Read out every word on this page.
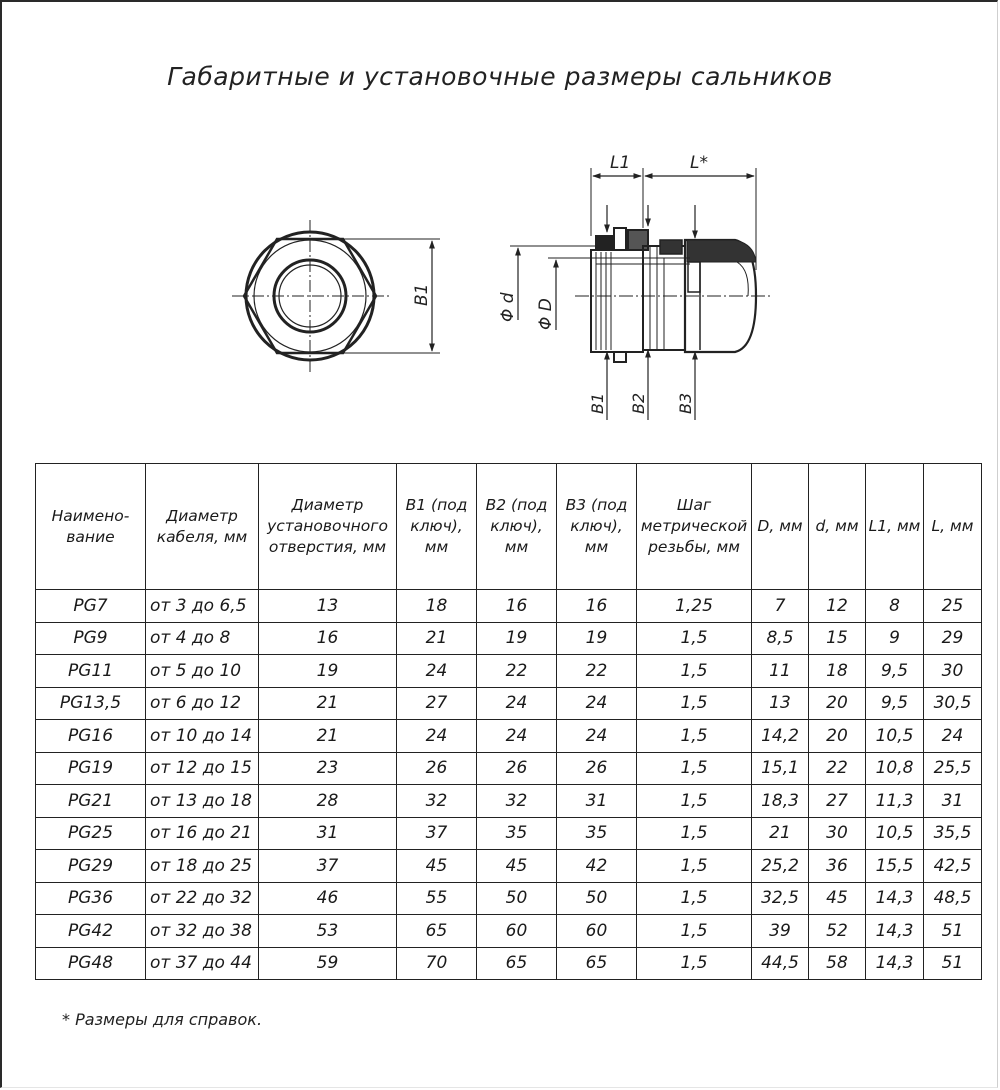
Габаритные и установочные размеры сальников
B1
L1	L*
Φ d Φ D
B1 B2 B3
Наимено-вание	Диаметр кабеля, мм	Диаметр установочного отверстия, мм	B1 (под ключ), мм	B2 (под ключ), мм	B3 (под ключ), мм	Шаг метрической резьбы, мм	D, мм	d, мм	L1, мм	L, мм
PG7	от 3 до 6,5	13	18	16	16	1,25	7	12	8	25
PG9	от 4 до 8	16	21	19	19	1,5	8,5	15	9	29
PG11	от 5 до 10	19	24	22	22	1,5	11	18	9,5	30
PG13,5	от 6 до 12	21	27	24	24	1,5	13	20	9,5	30,5
PG16	от 10 до 14	21	24	24	24	1,5	14,2	20	10,5	24
PG19	от 12 до 15	23	26	26	26	1,5	15,1	22	10,8	25,5
PG21	от 13 до 18	28	32	32	31	1,5	18,3	27	11,3	31
PG25	от 16 до 21	31	37	35	35	1,5	21	30	10,5	35,5
PG29	от 18 до 25	37	45	45	42	1,5	25,2	36	15,5	42,5
PG36	от 22 до 32	46	55	50	50	1,5	32,5	45	14,3	48,5
PG42	от 32 до 38	53	65	60	60	1,5	39	52	14,3	51
PG48	от 37 до 44	59	70	65	65	1,5	44,5	58	14,3	51
* Размеры для справок.
